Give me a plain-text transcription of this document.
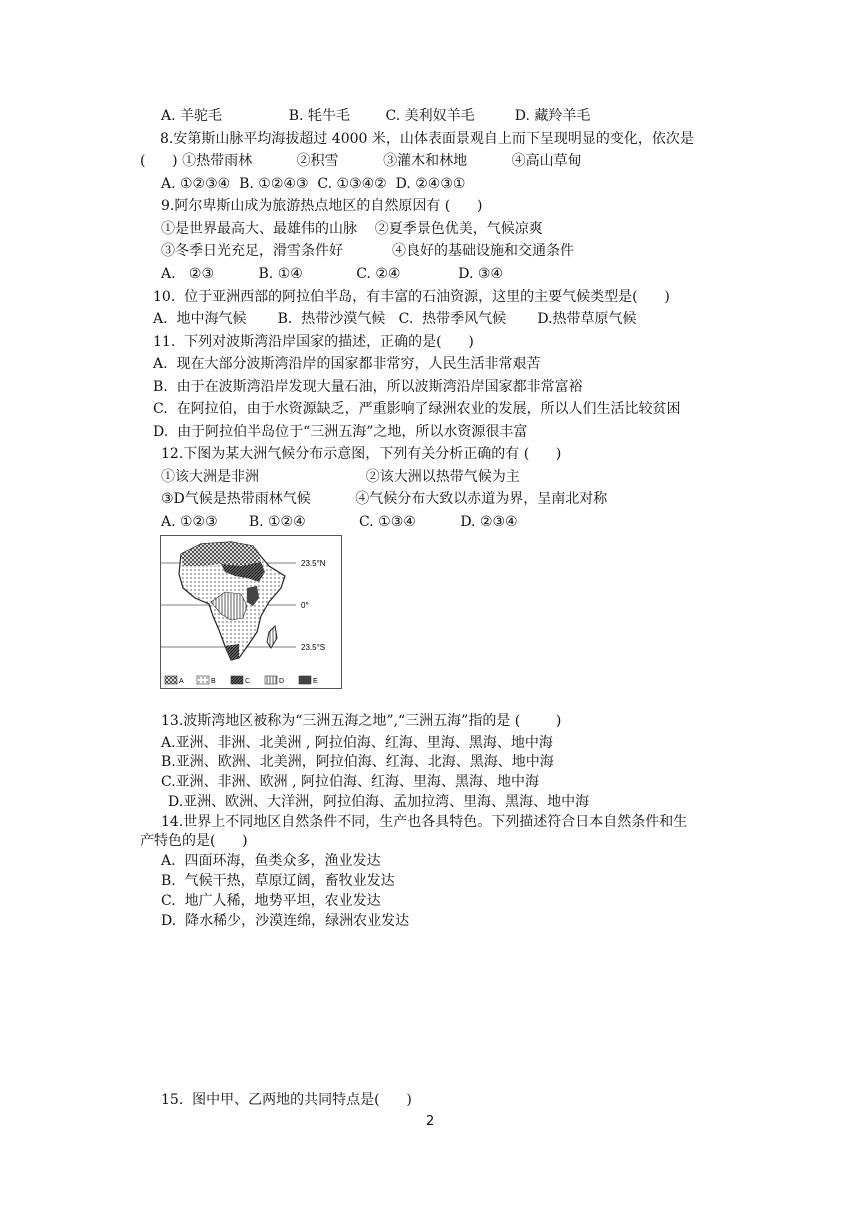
A. 羊驼毛               B. 牦牛毛        C. 美利奴羊毛         D. 藏羚羊毛
8.安第斯山脉平均海拔超过 4000 米，山体表面景观自上而下呈现明显的变化，依次是
(      ) ①热带雨林          ②积雪          ③灌木和林地          ④高山草甸
A. ①②③④  B. ①②④③  C. ①③④②  D. ②④③①
9.阿尔卑斯山成为旅游热点地区的自然原因有 (      )
①是世界最高大、最雄伟的山脉    ②夏季景色优美，气候凉爽
③冬季日光充足，滑雪条件好           ④良好的基础设施和交通条件
A.   ②③          B. ①④            C. ②④             D. ③④
10.  位于亚洲西部的阿拉伯半岛，有丰富的石油资源，这里的主要气候类型是(      )
A.  地中海气候       B.  热带沙漠气候   C.  热带季风气候       D.热带草原气候
11.  下列对波斯湾沿岸国家的描述，正确的是(      )
A.  现在大部分波斯湾沿岸的国家都非常穷，人民生活非常艰苦
B.  由于在波斯湾沿岸发现大量石油，所以波斯湾沿岸国家都非常富裕
C.  在阿拉伯，由于水资源缺乏，严重影响了绿洲农业的发展，所以人们生活比较贫困
D.  由于阿拉伯半岛位于“三洲五海”之地，所以水资源很丰富
12.下图为某大洲气候分布示意图，下列有关分析正确的有 (      )
①该大洲是非洲                        ②该大洲以热带气候为主
③D气候是热带雨林气候          ④气候分布大致以赤道为界，呈南北对称
A. ①②③       B. ①②④            C. ①③④          D. ②③④
A	B	C	D	E
23.5°N
0°
23.5°S
13.波斯湾地区被称为“三洲五海之地”,“三洲五海”指的是 (        )
A.亚洲、非洲、北美洲 , 阿拉伯海、红海、里海、黑海、地中海
B.亚洲、欧洲、北美洲，阿拉伯海、红海、北海、黑海、地中海
C.亚洲、非洲、欧洲 , 阿拉伯海、红海、里海、黑海、地中海
D.亚洲、欧洲、大洋洲，阿拉伯海、孟加拉湾、里海、黑海、地中海
14.世界上不同地区自然条件不同，生产也各具特色。下列描述符合日本自然条件和生
产特色的是(      )
A.  四面环海，鱼类众多，渔业发达
B.  气候干热，草原辽阔，畜牧业发达
C.  地广人稀，地势平坦，农业发达
D.  降水稀少，沙漠连绵，绿洲农业发达
15.  图中甲、乙两地的共同特点是(      )
2
